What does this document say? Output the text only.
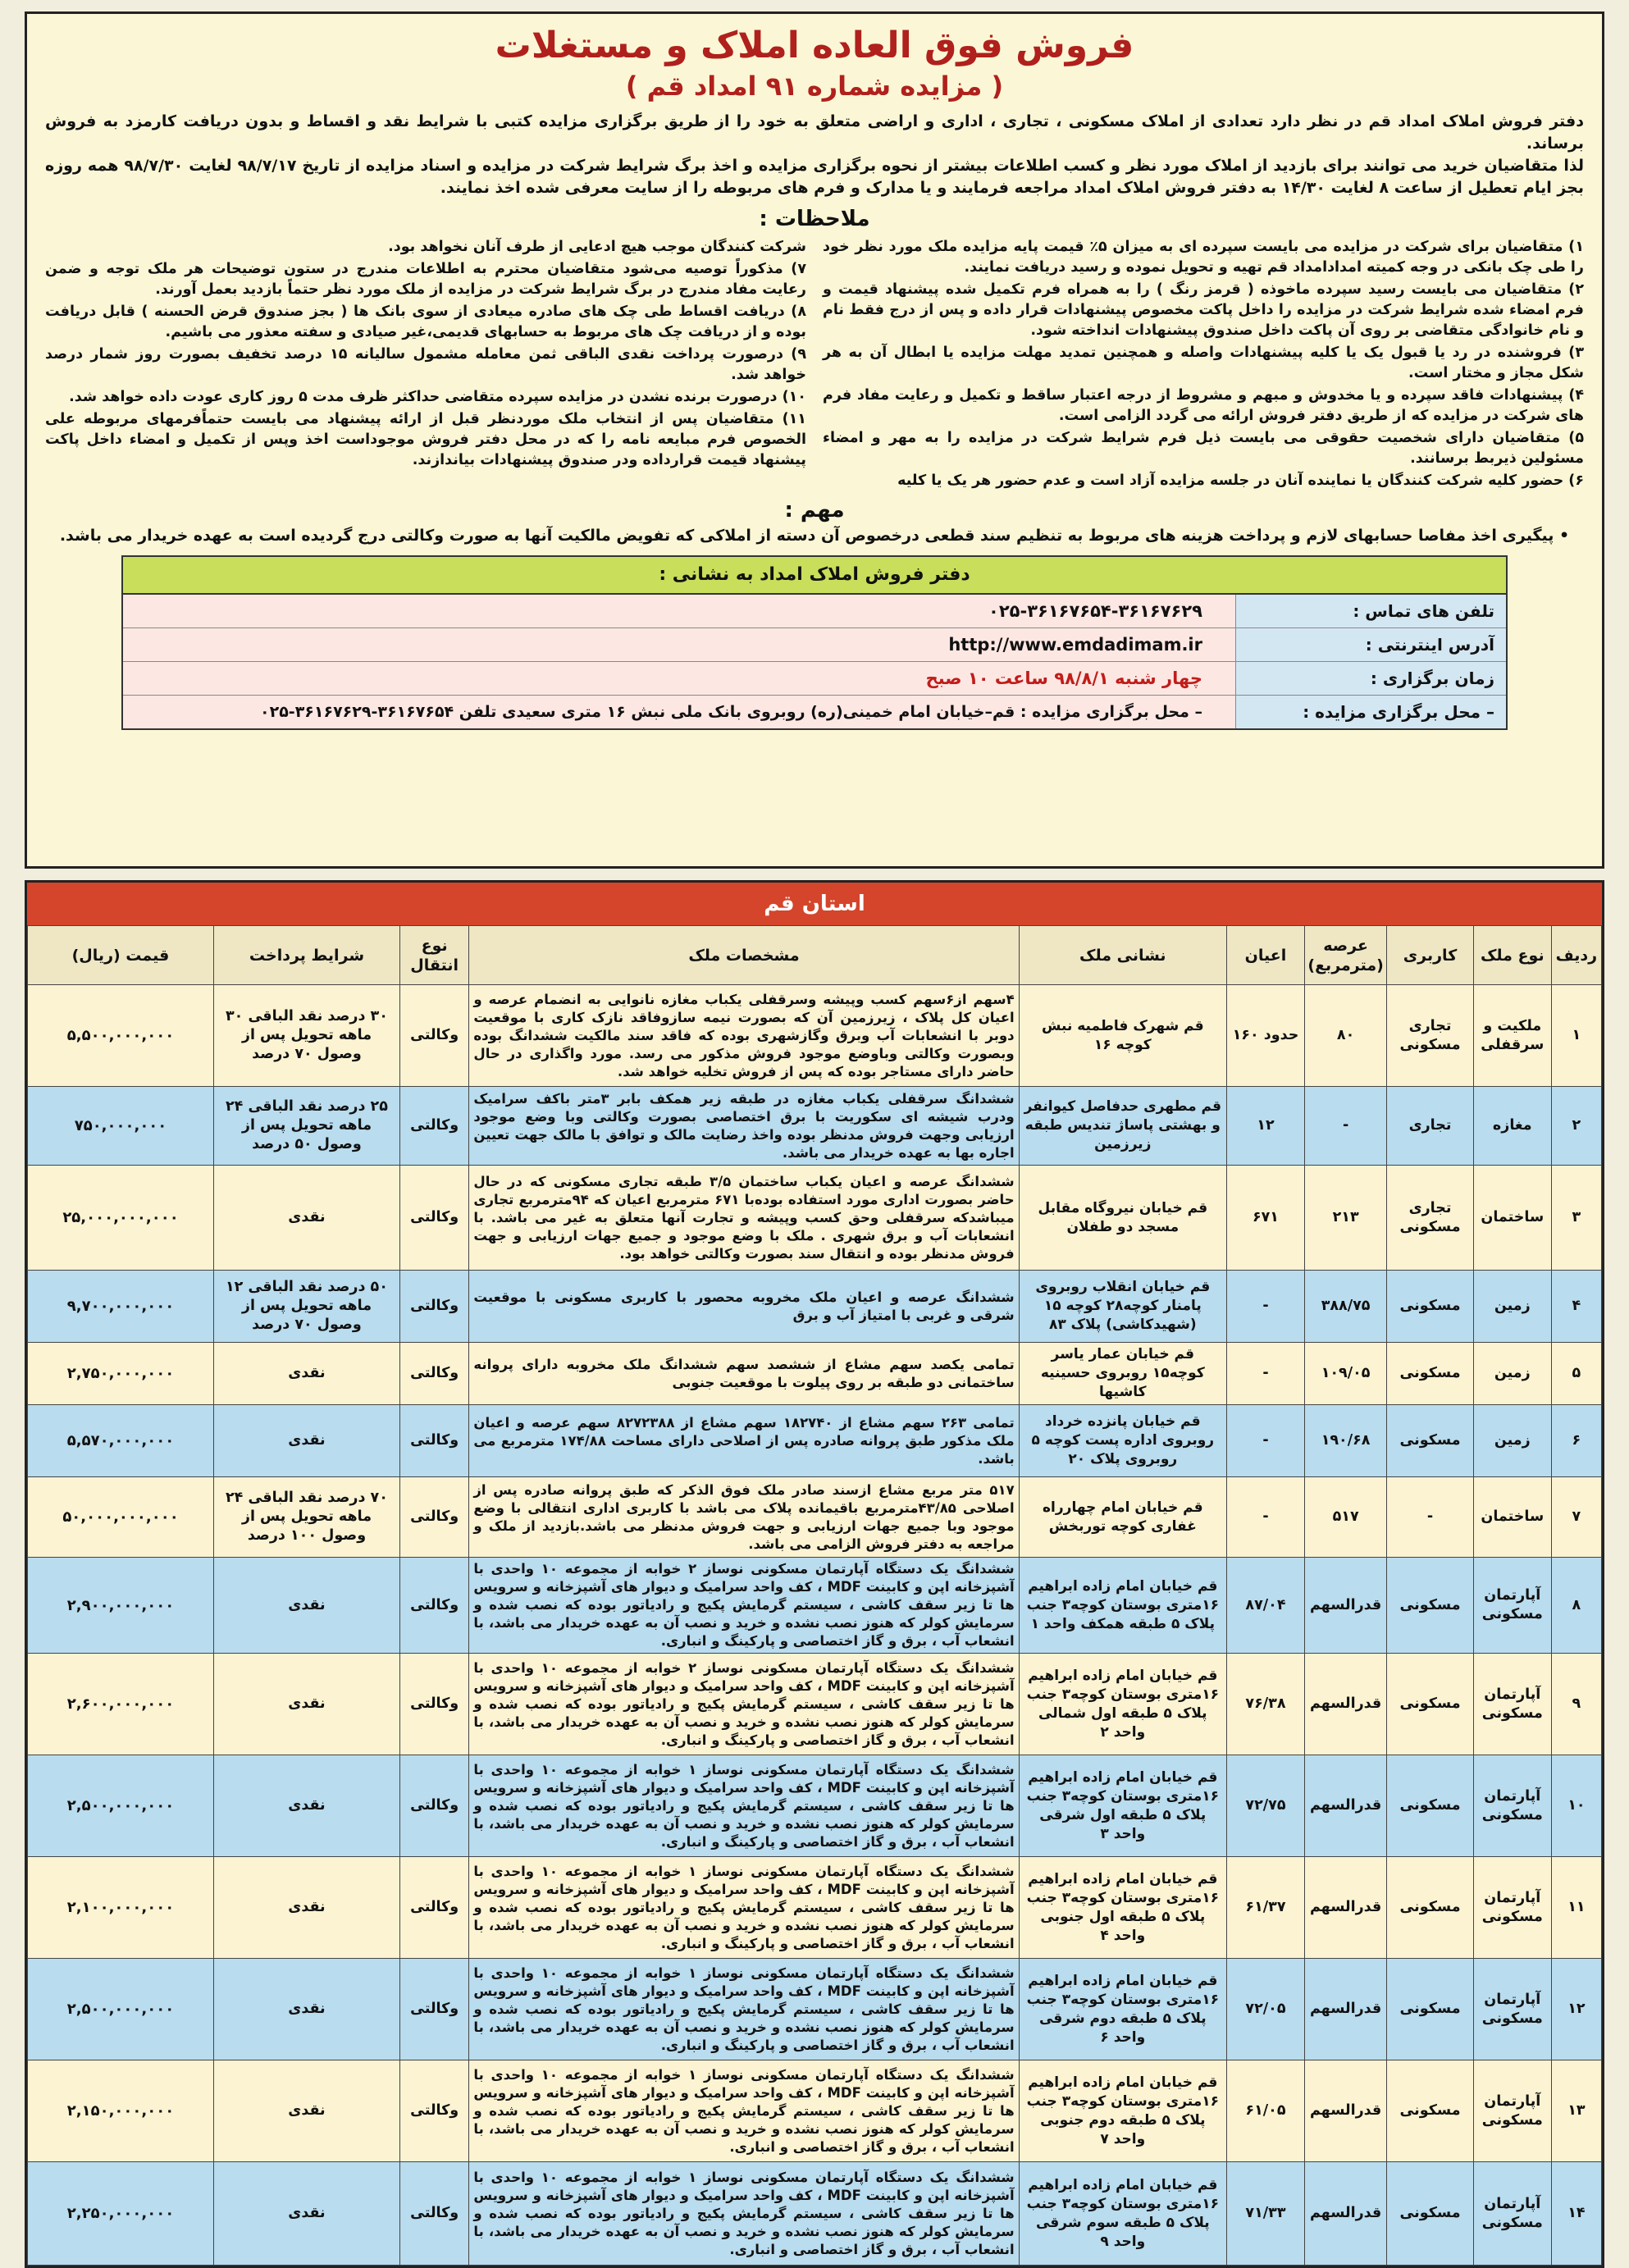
فروش فوق العاده املاک و مستغلات
( مزایده شماره ۹۱ امداد قم )

دفتر فروش املاک امداد قم در نظر دارد تعدادی از املاک مسکونی ، تجاری ، اداری و اراضی متعلق به خود را از طریق برگزاری مزایده کتبی با شرایط نقد و اقساط و بدون دریافت کارمزد به فروش برساند.

لذا متقاضیان خرید می توانند برای بازدید از املاک مورد نظر و کسب اطلاعات بیشتر از نحوه برگزاری مزایده و اخذ برگ شرایط شرکت در مزایده و اسناد مزایده از تاریخ ۹۸/۷/۱۷ لغایت ۹۸/۷/۳۰ همه روزه بجز ایام تعطیل از ساعت ۸ لغایت ۱۴/۳۰ به دفتر فروش املاک امداد مراجعه فرمایند و یا مدارک و فرم های مربوطه را از سایت معرفی شده اخذ نمایند.

ملاحظات :

۱) متقاضیان برای شرکت در مزایده می بایست سپرده ای به میزان ۵٪ قیمت پایه مزایده ملک مورد نظر خود را طی چک بانکی در وجه کمیته امدادامداد قم تهیه و تحویل نموده و رسید دریافت نمایند.

۲) متقاضیان می بایست رسید سپرده ماخوذه ( قرمز رنگ ) را به همراه فرم تکمیل شده پیشنهاد قیمت و فرم امضاء شده شرایط شرکت در مزایده را داخل پاکت مخصوص پیشنهادات قرار داده و پس از درج فقط نام و نام خانوادگی متقاضی بر روی آن پاکت داخل صندوق پیشنهادات انداخته شود.

۳) فروشنده در رد یا قبول یک یا کلیه پیشنهادات واصله و همچنین تمدید مهلت مزایده یا ابطال آن به هر شکل مجاز و مختار است.

۴) پیشنهادات فاقد سپرده و یا مخدوش و مبهم و مشروط از درجه اعتبار ساقط و تکمیل و رعایت مفاد فرم های شرکت در مزایده که از طریق دفتر فروش ارائه می گردد الزامی است.

۵) متقاضیان دارای شخصیت حقوقی می بایست ذیل فرم شرایط شرکت در مزایده را به مهر و امضاء مسئولین ذیربط برسانند.

۶) حضور کلیه شرکت کنندگان یا نماینده آنان در جلسه مزایده آزاد است و عدم حضور هر یک یا کلیه

شرکت کنندگان موجب هیچ ادعایی از طرف آنان نخواهد بود.

۷) مذکوراً توصیه می‌شود متقاضیان محترم به اطلاعات مندرج در ستون توضیحات هر ملک توجه و ضمن رعایت مفاد مندرج در برگ شرایط شرکت در مزایده از ملک مورد نظر حتماً بازدید بعمل آورند.

۸) دریافت اقساط طی چک های صادره میعادی از سوی بانک ها ( بجز صندوق قرض الحسنه ) قابل دریافت بوده و از دریافت چک های مربوط به حسابهای قدیمی،غیر صیادی و سفته معذور می باشیم.

۹) درصورت پرداخت نقدی الباقی ثمن معامله مشمول سالیانه ۱۵ درصد تخفیف بصورت روز شمار درصد خواهد شد.

۱۰) درصورت برنده نشدن در مزایده سپرده متقاضی حداکثر ظرف مدت ۵ روز کاری عودت داده خواهد شد.

۱۱) متقاضیان پس از انتخاب ملک موردنظر قبل از ارائه پیشنهاد می بایست حتماًفرمهای مربوطه علی الخصوص فرم مبایعه نامه را که در محل دفتر فروش موجوداست اخذ وپس از تکمیل و امضاء داخل پاکت پیشنهاد قیمت قرارداده ودر صندوق پیشنهادات بیاندازند.

مهم :
• پیگیری اخذ مفاصا حسابهای لازم و پرداخت هزینه های مربوط به تنظیم سند قطعی درخصوص آن دسته از املاکی که تفویض مالکیت آنها به صورت وکالتی درج گردیده است به عهده خریدار می باشد.
دفتر فروش املاک امداد به نشانی :
تلفن های تماس :
۰۲۵-۳۶۱۶۷۶۵۴-۳۶۱۶۷۶۲۹
آدرس اینترنتی :
http://www.emdadimam.ir
زمان برگزاری :
چهار شنبه ۹۸/۸/۱ ساعت ۱۰ صبح
– محل برگزاری مزایده :
– محل برگزاری مزایده : قم–خیابان امام خمینی(ره) روبروی بانک ملی نبش ۱۶ متری سعیدی تلفن ۳۶۱۶۷۶۵۴-۳۶۱۶۷۶۲۹-۰۲۵
استان قم
ردیف	نوع ملک	کاربری	عرصه (مترمربع)	اعیان	نشانی ملک	مشخصات ملک	نوع انتقال	شرایط پرداخت	قیمت (ریال)
۱	ملکیت و سرقفلی	تجاری مسکونی	۸۰	حدود ۱۶۰	قم شهرک فاطمیه نبش کوچه ۱۶	۴سهم از۶سهم کسب وپیشه وسرقفلی یکباب مغازه نانوایی به انضمام عرصه و اعیان کل پلاک ، زیرزمین آن که بصورت نیمه سازوفاقد نازک کاری با موقعیت دوبر با انشعابات آب وبرق وگازشهری بوده که فاقد سند مالکیت ششدانگ بوده وبصورت وکالتی وباوضع موجود فروش مذکور می رسد. مورد واگذاری در حال حاضر دارای مستاجر بوده که پس از فروش تخلیه خواهد شد.	وکالتی	۳۰ درصد نقد الباقی ۳۰ ماهه تحویل پس از وصول ۷۰ درصد	۵,۵۰۰,۰۰۰,۰۰۰
۲	مغازه	تجاری	-	۱۲	قم مطهری حدفاصل کیوانفر و بهشتی پاساژ تندیس طبقه زیرزمین	ششدانگ سرقفلی یکباب مغازه در طبقه زیر همکف بابر ۳متر باکف سرامیک ودرب شیشه ای سکوریت با برق اختصاصی بصورت وکالتی وبا وضع موجود ارزیابی وجهت فروش مدنظر بوده واخذ رضایت مالک و توافق با مالک جهت تعیین اجاره بها به عهده خریدار می باشد.	وکالتی	۲۵ درصد نقد الباقی ۲۴ ماهه تحویل پس از وصول ۵۰ درصد	۷۵۰,۰۰۰,۰۰۰
۳	ساختمان	تجاری مسکونی	۲۱۳	۶۷۱	قم خیابان نیروگاه مقابل مسجد دو طفلان	ششدانگ عرصه و اعیان یکباب ساختمان ۳/۵ طبقه تجاری مسکونی که در حال حاضر بصورت اداری مورد استفاده بوده‌با ۶۷۱ مترمربع اعیان که ۹۴مترمربع تجاری میباشدکه سرقفلی وحق کسب وپیشه و تجارت آنها متعلق به غیر می باشد. با انشعابات آب و برق شهری . ملک با وضع موجود و جمیع جهات ارزیابی و جهت فروش مدنظر بوده و انتقال سند بصورت وکالتی خواهد بود.	وکالتی	نقدی	۲۵,۰۰۰,۰۰۰,۰۰۰
۴	زمین	مسکونی	۳۸۸/۷۵	-	قم خیابان انقلاب روبروی پامنار کوچه۲۸ کوچه ۱۵ (شهیدکاشی) پلاک ۸۳	ششدانگ عرصه و اعیان ملک مخروبه محصور با کاربری مسکونی با موقعیت شرقی و غربی با امتیاز آب و برق	وکالتی	۵۰ درصد نقد الباقی ۱۲ ماهه تحویل پس از وصول ۷۰ درصد	۹,۷۰۰,۰۰۰,۰۰۰
۵	زمین	مسکونی	۱۰۹/۰۵	-	قم خیابان عمار یاسر کوچه۱۵ روبروی حسینیه کاشیها	تمامی یکصد سهم مشاع از ششصد سهم ششدانگ ملک مخروبه دارای پروانه ساختمانی دو طبقه بر روی پیلوت با موقعیت جنوبی	وکالتی	نقدی	۲,۷۵۰,۰۰۰,۰۰۰
۶	زمین	مسکونی	۱۹۰/۶۸	-	قم خیابان پانزده خرداد روبروی اداره پست کوچه ۵ روبروی پلاک ۲۰	تمامی ۲۶۳ سهم مشاع از ۱۸۲۷۴۰ سهم مشاع از ۸۲۷۲۳۸۸ سهم عرصه و اعیان ملک مذکور طبق پروانه صادره پس از اصلاحی دارای مساحت ۱۷۴/۸۸ مترمربع می باشد.	وکالتی	نقدی	۵,۵۷۰,۰۰۰,۰۰۰
۷	ساختمان	-	۵۱۷	-	قم خیابان امام چهارراه غفاری کوچه توربخش	۵۱۷ متر مربع مشاع ازسند صادر ملک فوق الذکر که طبق پروانه صادره پس از اصلاحی ۴۳/۸۵مترمربع باقیمانده پلاک می باشد با کاربری اداری انتقالی با وضع موجود وبا جمیع جهات ارزیابی و جهت فروش مدنظر می باشد.بازدید از ملک و مراجعه به دفتر فروش الزامی می باشد.	وکالتی	۷۰ درصد نقد الباقی ۲۴ ماهه تحویل پس از وصول ۱۰۰ درصد	۵۰,۰۰۰,۰۰۰,۰۰۰
۸	آپارتمان مسکونی	مسکونی	قدرالسهم	۸۷/۰۴	قم خیابان امام زاده ابراهیم ۱۶متری بوستان کوچه۳ جنب پلاک ۵ طبقه همکف واحد ۱	ششدانگ یک دستگاه آپارتمان مسکونی نوساز ۲ خوابه از مجموعه ۱۰ واحدی با آشپزخانه اپن و کابینت MDF ، کف واحد سرامیک و دیوار های آشپزخانه و سرویس ها تا زیر سقف کاشی ، سیستم گرمایش پکیج و رادیاتور بوده که نصب شده و سرمایش کولر که هنوز نصب نشده و خرید و نصب آن به عهده خریدار می باشد، با انشعاب آب ، برق و گاز اختصاصی و پارکینگ و انباری.	وکالتی	نقدی	۲,۹۰۰,۰۰۰,۰۰۰
۹	آپارتمان مسکونی	مسکونی	قدرالسهم	۷۶/۳۸	قم خیابان امام زاده ابراهیم ۱۶متری بوستان کوچه۳ جنب پلاک ۵ طبقه اول شمالی واحد ۲	ششدانگ یک دستگاه آپارتمان مسکونی نوساز ۲ خوابه از مجموعه ۱۰ واحدی با آشپزخانه اپن و کابینت MDF ، کف واحد سرامیک و دیوار های آشپزخانه و سرویس ها تا زیر سقف کاشی ، سیستم گرمایش پکیج و رادیاتور بوده که نصب شده و سرمایش کولر که هنوز نصب نشده و خرید و نصب آن به عهده خریدار می باشد، با انشعاب آب ، برق و گاز اختصاصی و پارکینگ و انباری.	وکالتی	نقدی	۲,۶۰۰,۰۰۰,۰۰۰
۱۰	آپارتمان مسکونی	مسکونی	قدرالسهم	۷۲/۷۵	قم خیابان امام زاده ابراهیم ۱۶متری بوستان کوچه۳ جنب پلاک ۵ طبقه اول شرقی واحد ۳	ششدانگ یک دستگاه آپارتمان مسکونی نوساز ۱ خوابه از مجموعه ۱۰ واحدی با آشپزخانه اپن و کابینت MDF ، کف واحد سرامیک و دیوار های آشپزخانه و سرویس ها تا زیر سقف کاشی ، سیستم گرمایش پکیج و رادیاتور بوده که نصب شده و سرمایش کولر که هنوز نصب نشده و خرید و نصب آن به عهده خریدار می باشد، با انشعاب آب ، برق و گاز اختصاصی و پارکینگ و انباری.	وکالتی	نقدی	۲,۵۰۰,۰۰۰,۰۰۰
۱۱	آپارتمان مسکونی	مسکونی	قدرالسهم	۶۱/۳۷	قم خیابان امام زاده ابراهیم ۱۶متری بوستان کوچه۳ جنب پلاک ۵ طبقه اول جنوبی واحد ۴	ششدانگ یک دستگاه آپارتمان مسکونی نوساز ۱ خوابه از مجموعه ۱۰ واحدی با آشپزخانه اپن و کابینت MDF ، کف واحد سرامیک و دیوار های آشپزخانه و سرویس ها تا زیر سقف کاشی ، سیستم گرمایش پکیج و رادیاتور بوده که نصب شده و سرمایش کولر که هنوز نصب نشده و خرید و نصب آن به عهده خریدار می باشد، با انشعاب آب ، برق و گاز اختصاصی و پارکینگ و انباری.	وکالتی	نقدی	۲,۱۰۰,۰۰۰,۰۰۰
۱۲	آپارتمان مسکونی	مسکونی	قدرالسهم	۷۲/۰۵	قم خیابان امام زاده ابراهیم ۱۶متری بوستان کوچه۳ جنب پلاک ۵ طبقه دوم شرقی واحد ۶	ششدانگ یک دستگاه آپارتمان مسکونی نوساز ۱ خوابه از مجموعه ۱۰ واحدی با آشپزخانه اپن و کابینت MDF ، کف واحد سرامیک و دیوار های آشپزخانه و سرویس ها تا زیر سقف کاشی ، سیستم گرمایش پکیج و رادیاتور بوده که نصب شده و سرمایش کولر که هنوز نصب نشده و خرید و نصب آن به عهده خریدار می باشد، با انشعاب آب ، برق و گاز اختصاصی و پارکینگ و انباری.	وکالتی	نقدی	۲,۵۰۰,۰۰۰,۰۰۰
۱۳	آپارتمان مسکونی	مسکونی	قدرالسهم	۶۱/۰۵	قم خیابان امام زاده ابراهیم ۱۶متری بوستان کوچه۳ جنب پلاک ۵ طبقه دوم جنوبی واحد ۷	ششدانگ یک دستگاه آپارتمان مسکونی نوساز ۱ خوابه از مجموعه ۱۰ واحدی با آشپزخانه اپن و کابینت MDF ، کف واحد سرامیک و دیوار های آشپزخانه و سرویس ها تا زیر سقف کاشی ، سیستم گرمایش پکیج و رادیاتور بوده که نصب شده و سرمایش کولر که هنوز نصب نشده و خرید و نصب آن به عهده خریدار می باشد، با انشعاب آب ، برق و گاز اختصاصی و انباری.	وکالتی	نقدی	۲,۱۵۰,۰۰۰,۰۰۰
۱۴	آپارتمان مسکونی	مسکونی	قدرالسهم	۷۱/۳۳	قم خیابان امام زاده ابراهیم ۱۶متری بوستان کوچه۳ جنب پلاک ۵ طبقه سوم شرقی واحد ۹	ششدانگ یک دستگاه آپارتمان مسکونی نوساز ۱ خوابه از مجموعه ۱۰ واحدی با آشپزخانه اپن و کابینت MDF ، کف واحد سرامیک و دیوار های آشپزخانه و سرویس ها تا زیر سقف کاشی ، سیستم گرمایش پکیج و رادیاتور بوده که نصب شده و سرمایش کولر که هنوز نصب نشده و خرید و نصب آن به عهده خریدار می باشد، با انشعاب آب ، برق و گاز اختصاصی و انباری.	وکالتی	نقدی	۲,۲۵۰,۰۰۰,۰۰۰
